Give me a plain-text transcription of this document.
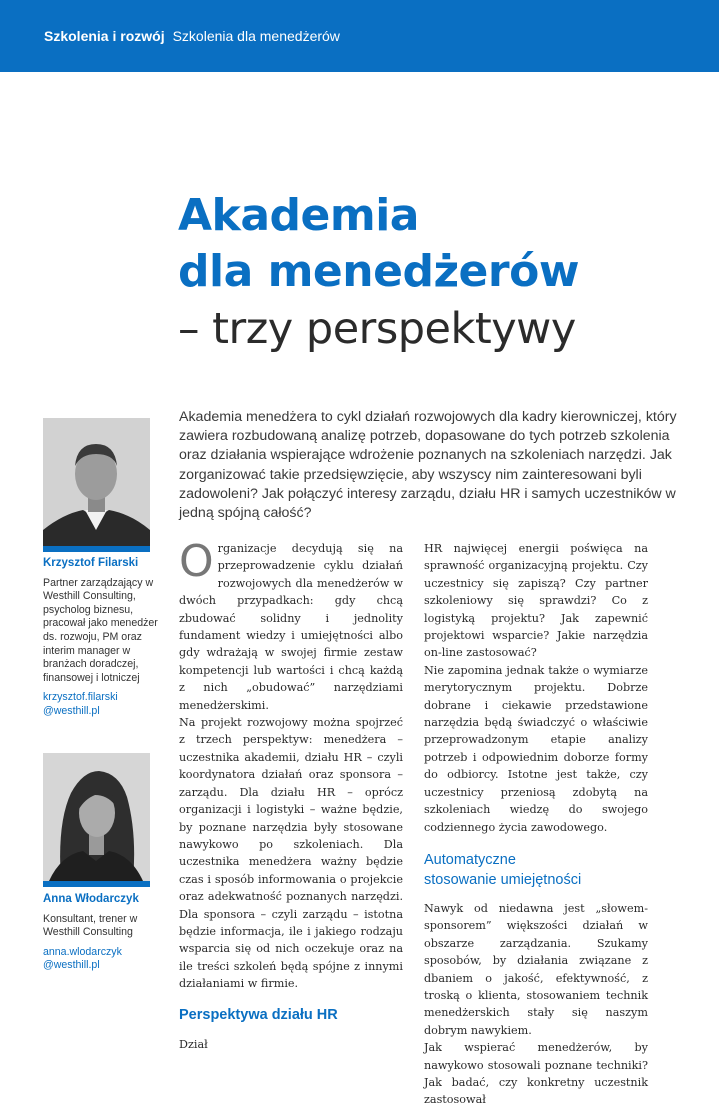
Szkolenia i rozwój Szkolenia dla menedżerów
Akademia
dla menedżerów
– trzy perspektywy
Akademia menedżera to cykl działań rozwojowych dla kadry kierowniczej, który zawiera rozbudowaną analizę potrzeb, dopasowane do tych potrzeb szkolenia oraz działania wspierające wdrożenie poznanych na szkoleniach narzędzi. Jak zorganizować takie przedsięwzięcie, aby wszyscy nim zainteresowani byli zadowoleni? Jak połączyć interesy zarządu, działu HR i samych uczestników w jedną spójną całość?
Krzysztof Filarski
Partner zarządzający w Westhill Consulting, psycholog biznesu, pracował jako menedżer ds. rozwoju, PM oraz interim manager w branżach doradczej, finansowej i lotniczej
krzysztof.filarski
@westhill.pl
Anna Włodarczyk
Konsultant, trener w Westhill Consulting
anna.wlodarczyk
@westhill.pl

Organizacje decydują się na przeprowadzenie cyklu działań rozwojowych dla menedżerów w dwóch przypadkach: gdy chcą zbudować solidny i jednolity fundament wiedzy i umiejętności albo gdy wdrażają w swojej firmie zestaw kompetencji lub wartości i chcą każdą z nich „obudować” narzędziami menedżerskimi.

Na projekt rozwojowy można spojrzeć z trzech perspektyw: menedżera – uczestnika akademii, działu HR – czyli koordynatora działań oraz sponsora – zarządu. Dla działu HR – oprócz organizacji i logistyki – ważne będzie, by poznane narzędzia były stosowane nawykowo po szkoleniach. Dla uczestnika menedżera ważny będzie czas i sposób informowania o projekcie oraz adekwatność poznanych narzędzi. Dla sponsora – czyli zarządu – istotna będzie informacja, ile i jakiego rodzaju wsparcia się od nich oczekuje oraz na ile treści szkoleń będą spójne z innymi działaniami w firmie.

Perspektywa działu HR

Dział

HR najwięcej energii poświęca na sprawność organizacyjną projektu. Czy uczestnicy się zapiszą? Czy partner szkoleniowy się sprawdzi? Co z logistyką projektu? Jak zapewnić projektowi wsparcie? Jakie narzędzia on-line zastosować?

Nie zapomina jednak także o wymiarze merytorycznym projektu. Dobrze dobrane i ciekawie przedstawione narzędzia będą świadczyć o właściwie przeprowadzonym etapie analizy potrzeb i odpowiednim doborze formy do odbiorcy. Istotne jest także, czy uczestnicy przeniosą zdobytą na szkoleniach wiedzę do swojego codziennego życia zawodowego.

Automatyczne
stosowanie umiejętności

Nawyk od niedawna jest „słowem-sponsorem” większości działań w obszarze zarządzania. Szukamy sposobów, by działania związane z dbaniem o jakość, efektywność, z troską o klienta, stosowaniem technik menedżerskich stały się naszym dobrym nawykiem.

Jak wspierać menedżerów, by nawykowo stosowali poznane techniki? Jak badać, czy konkretny uczestnik zastosował
